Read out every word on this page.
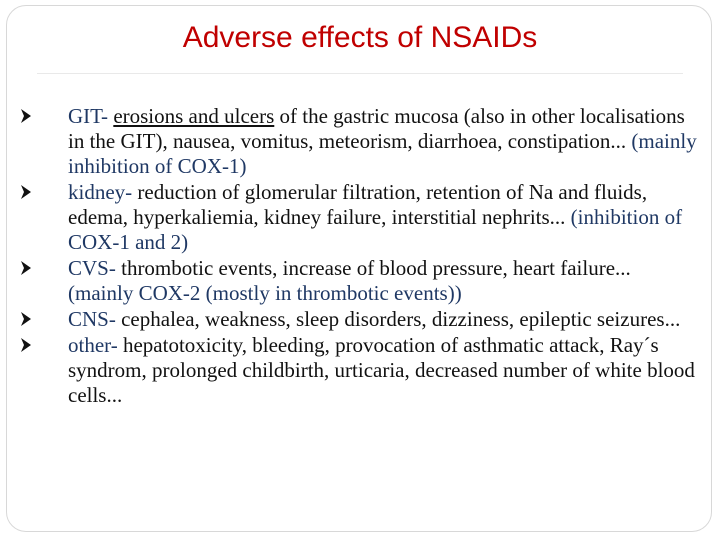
Adverse effects of NSAIDs
GIT- erosions and ulcers of the gastric mucosa (also in other localisations in the GIT), nausea, vomitus, meteorism, diarrhoea, constipation... (mainly inhibition of COX-1)
kidney- reduction of glomerular filtration, retention of Na and fluids, edema, hyperkaliemia, kidney failure, interstitial nephrits... (inhibition of COX-1 and 2)
CVS- thrombotic events, increase of blood pressure, heart failure... (mainly COX-2 (mostly in thrombotic events))
CNS- cephalea, weakness, sleep disorders, dizziness, epileptic seizures...
other- hepatotoxicity, bleeding, provocation of asthmatic attack, Ray´s syndrom, prolonged childbirth, urticaria, decreased number of white blood cells...
